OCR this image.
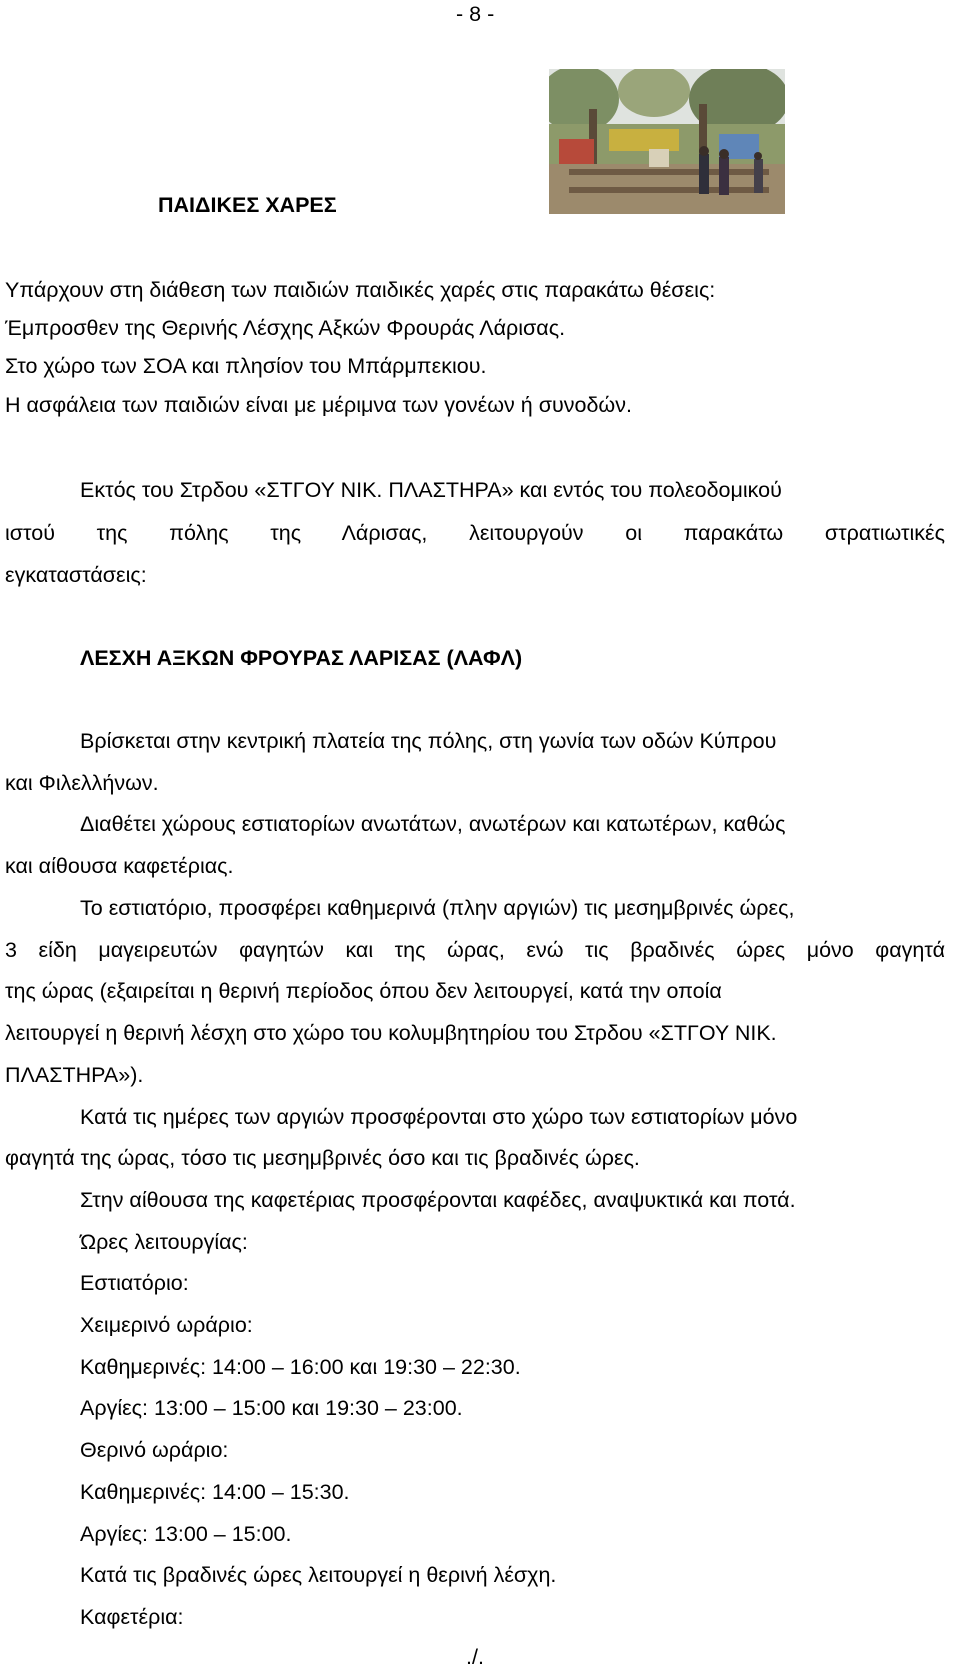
- 8 -
ΠΑΙΔΙΚΕΣ ΧΑΡΕΣ
Υπάρχουν στη διάθεση των παιδιών παιδικές χαρές στις παρακάτω θέσεις:
Έμπροσθεν της Θερινής Λέσχης Αξκών Φρουράς Λάρισας.
Στο χώρο των ΣΟΑ και πλησίον του Μπάρμπεκιου.
Η ασφάλεια των παιδιών είναι με μέριμνα των γονέων ή συνοδών.
Εκτός του Στρδου «ΣΤΓΟΥ ΝΙΚ. ΠΛΑΣΤΗΡΑ» και εντός του πολεοδομικού
ιστού της πόλης της Λάρισας, λειτουργούν οι παρακάτω στρατιωτικές
εγκαταστάσεις:
ΛΕΣΧΗ ΑΞΚΩΝ ΦΡΟΥΡΑΣ ΛΑΡΙΣΑΣ (ΛΑΦΛ)
Βρίσκεται στην κεντρική πλατεία της πόλης, στη γωνία των οδών Κύπρου
και Φιλελλήνων.
Διαθέτει χώρους εστιατορίων ανωτάτων, ανωτέρων και κατωτέρων, καθώς
και αίθουσα καφετέριας.
Το εστιατόριο, προσφέρει καθημερινά (πλην αργιών) τις μεσημβρινές ώρες,
3 είδη μαγειρευτών φαγητών και της ώρας, ενώ τις βραδινές ώρες μόνο φαγητά
της ώρας (εξαιρείται η θερινή περίοδος όπου δεν λειτουργεί, κατά την οποία
λειτουργεί η θερινή λέσχη στο χώρο του κολυμβητηρίου του Στρδου «ΣΤΓΟΥ ΝΙΚ.
ΠΛΑΣΤΗΡΑ»).
Κατά τις ημέρες των αργιών προσφέρονται στο χώρο των εστιατορίων μόνο
φαγητά της ώρας, τόσο τις μεσημβρινές όσο και τις βραδινές ώρες.
Στην αίθουσα της καφετέριας προσφέρονται καφέδες, αναψυκτικά και ποτά.
Ώρες λειτουργίας:
Εστιατόριο:
Χειμερινό ωράριο:
Καθημερινές: 14:00 – 16:00 και 19:30 – 22:30.
Αργίες: 13:00 – 15:00 και 19:30 – 23:00.
Θερινό ωράριο:
Καθημερινές: 14:00 – 15:30.
Αργίες: 13:00 – 15:00.
Κατά τις βραδινές ώρες λειτουργεί η θερινή λέσχη.
Καφετέρια:
./.
